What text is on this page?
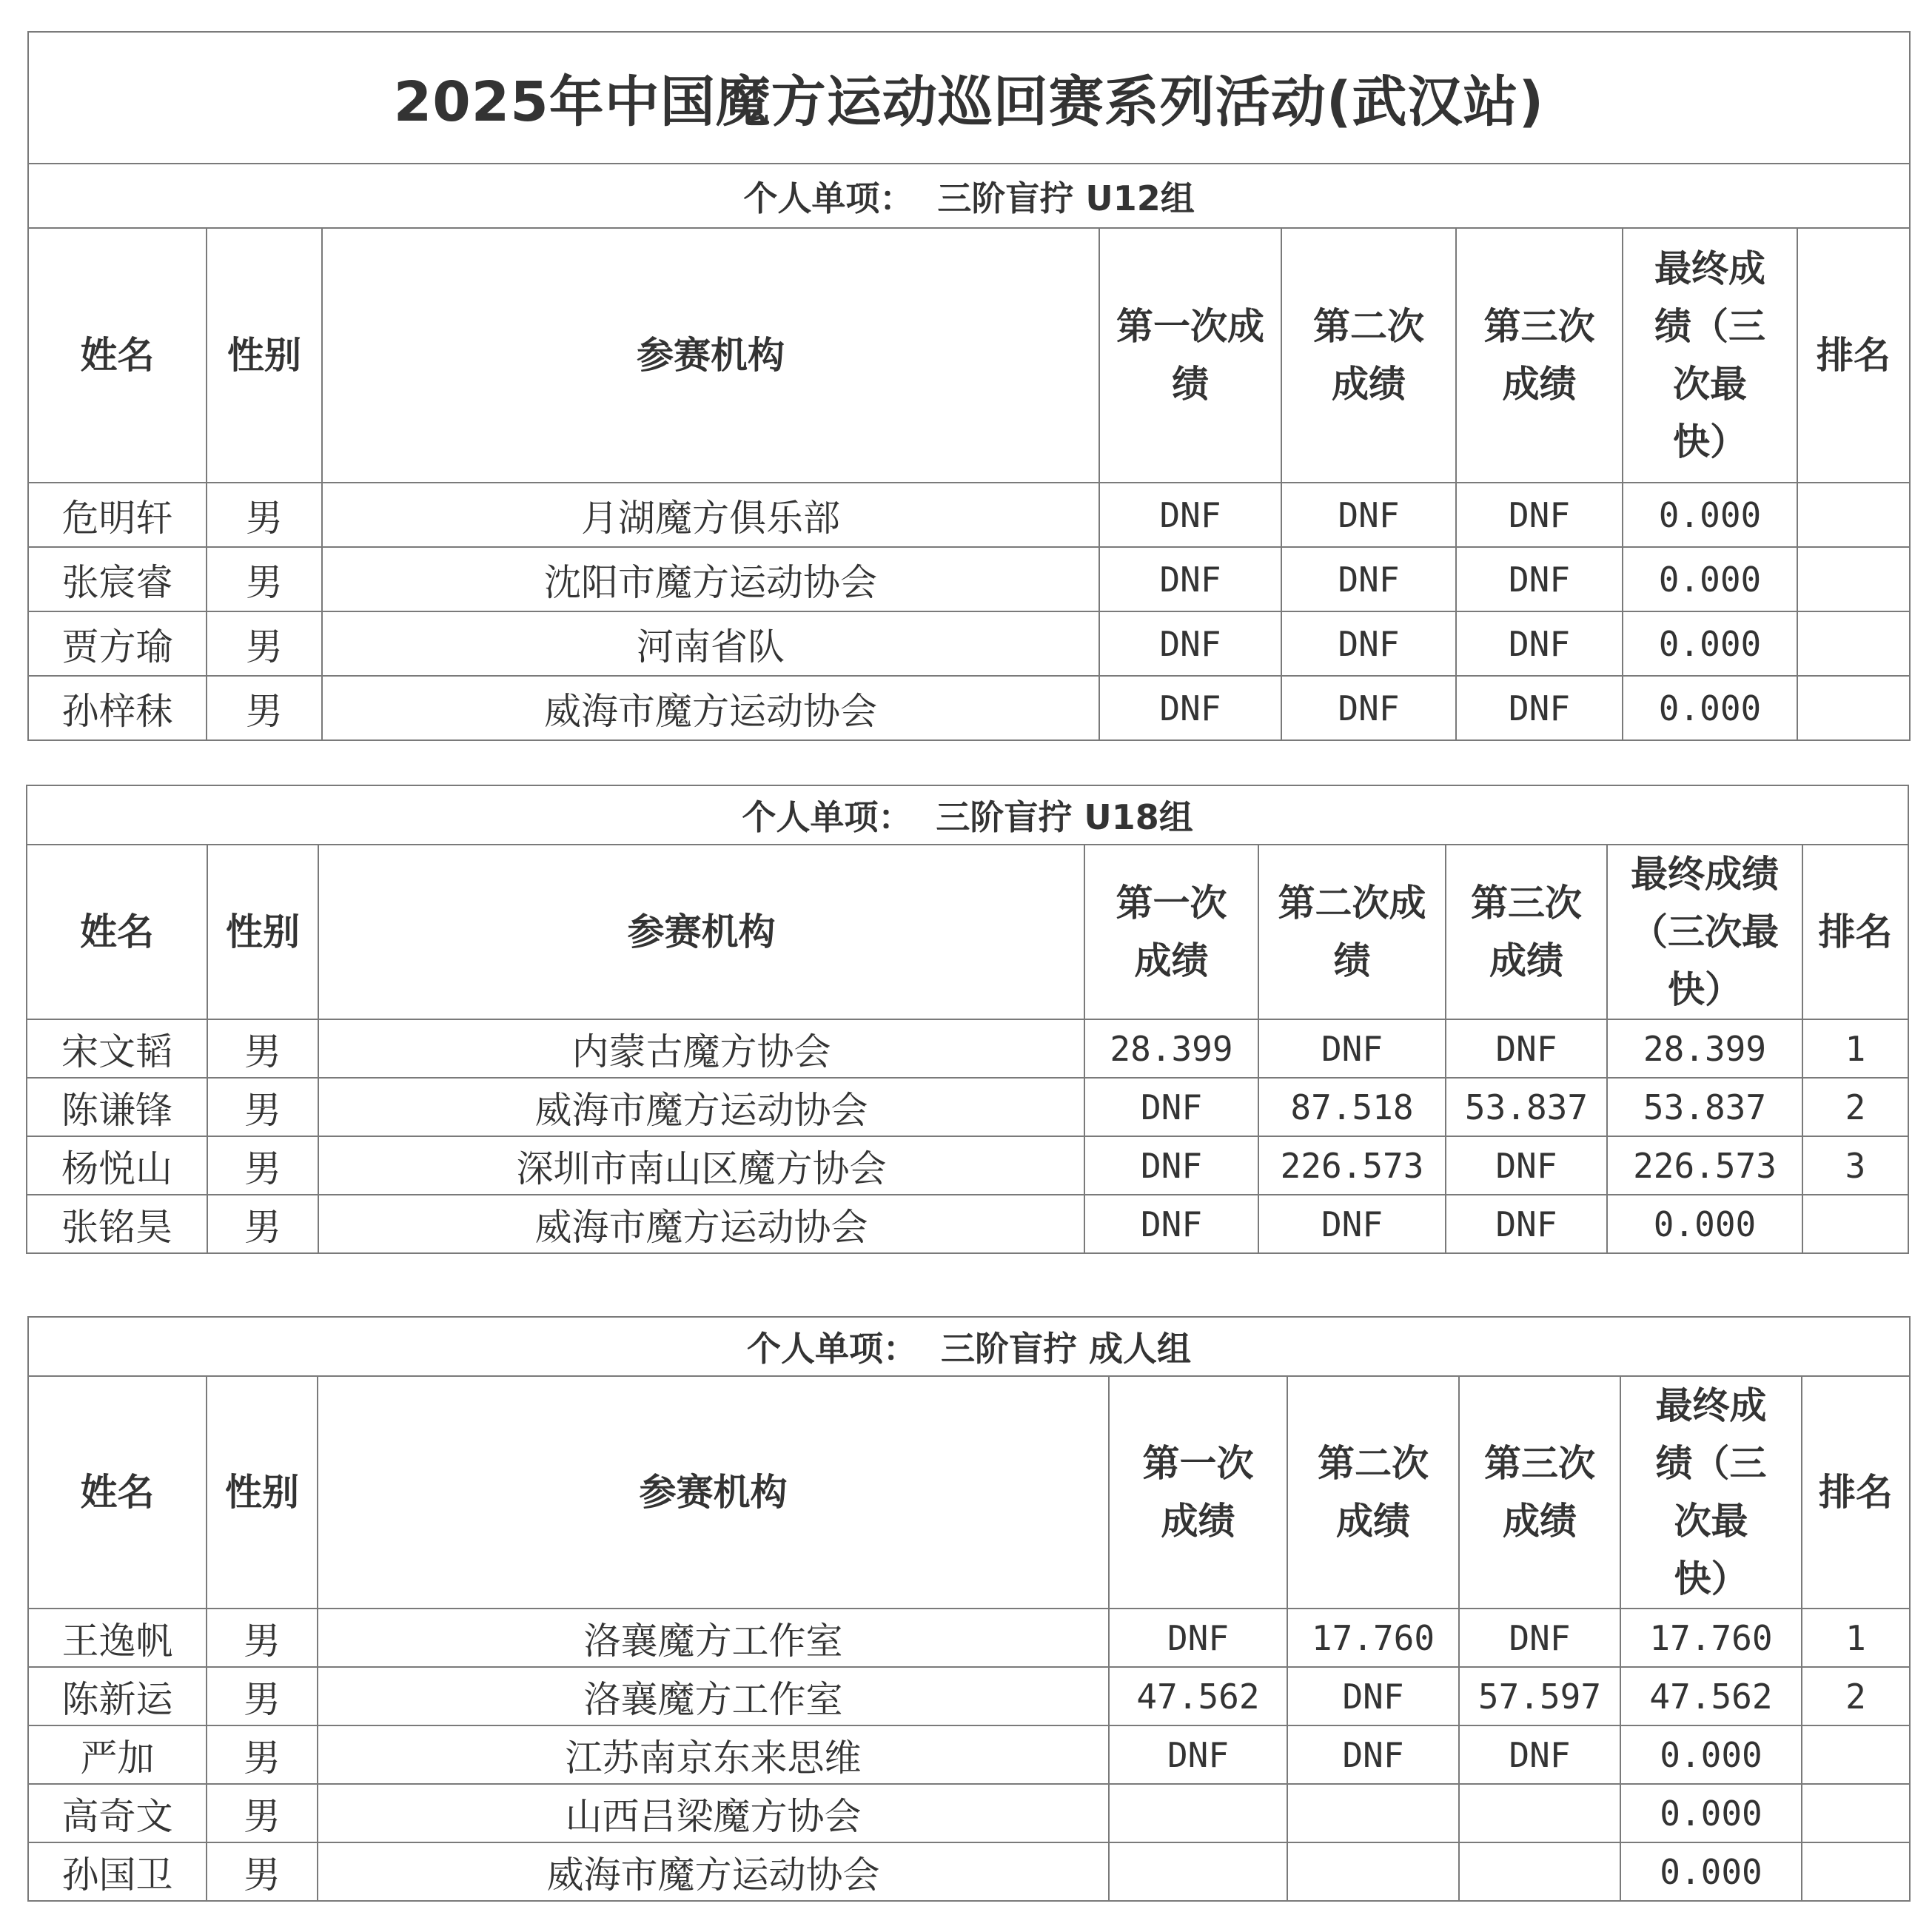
2025年中国魔方运动巡回赛系列活动(武汉站)							
个人单项：  三阶盲拧 U12组							
姓名	性别	参赛机构	第一次成绩	第二次成绩	第三次成绩	最终成绩（三次最快）	排名
危明轩	男	月湖魔方俱乐部	DNF	DNF	DNF	0.000	
张宸睿	男	沈阳市魔方运动协会	DNF	DNF	DNF	0.000	
贾方瑜	男	河南省队	DNF	DNF	DNF	0.000	
孙梓秣	男	威海市魔方运动协会	DNF	DNF	DNF	0.000	
个人单项：  三阶盲拧 U18组							
姓名	性别	参赛机构	第一次成绩	第二次成绩	第三次成绩	最终成绩（三次最快）	排名
宋文韬	男	内蒙古魔方协会	28.399	DNF	DNF	28.399	1
陈谦锋	男	威海市魔方运动协会	DNF	87.518	53.837	53.837	2
杨悦山	男	深圳市南山区魔方协会	DNF	226.573	DNF	226.573	3
张铭昊	男	威海市魔方运动协会	DNF	DNF	DNF	0.000	
个人单项：  三阶盲拧 成人组							
姓名	性别	参赛机构	第一次成绩	第二次成绩	第三次成绩	最终成绩（三次最快）	排名
王逸帆	男	洛襄魔方工作室	DNF	17.760	DNF	17.760	1
陈新运	男	洛襄魔方工作室	47.562	DNF	57.597	47.562	2
严加	男	江苏南京东来思维	DNF	DNF	DNF	0.000	
高奇文	男	山西吕梁魔方协会				0.000	
孙国卫	男	威海市魔方运动协会				0.000	
